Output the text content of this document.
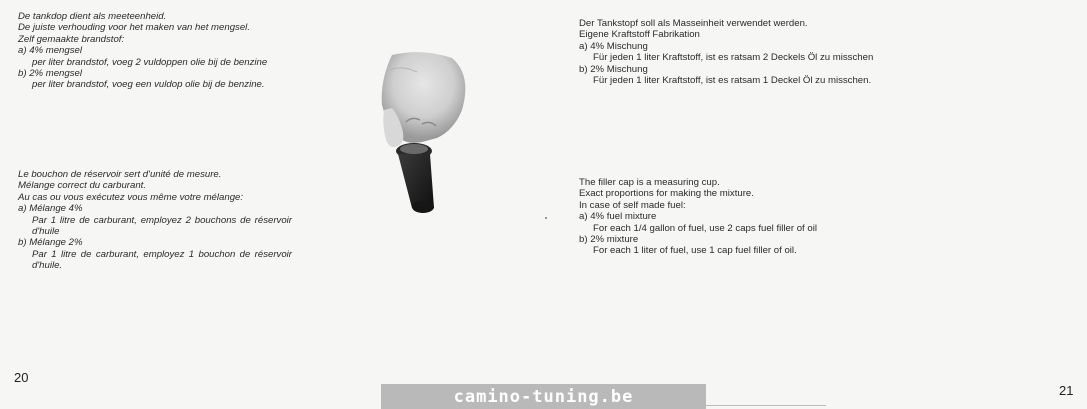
De tankdop dient als meeteenheid.
De juiste verhouding voor het maken van het mengsel.
Zelf gemaakte brandstof:
a) 4% mengsel
per liter brandstof, voeg 2 vuldoppen olie bij de benzine
b) 2% mengsel
per liter brandstof, voeg een vuldop olie bij de benzine.
Le bouchon de réservoir sert d'unité de mesure.
Mélange correct du carburant.
Au cas ou vous exécutez vous même votre mélange:
a) Mélange 4%
Par 1 litre de carburant, employez 2 bouchons de réservoir d'huile
b) Mélange 2%
Par 1 litre de carburant, employez 1 bouchon de réservoir d'huile.
Der Tankstopf soll als Masseinheit verwendet werden.
Eigene Kraftstoff Fabrikation
a) 4% Mischung
Für jeden 1 liter Kraftstoff, ist es ratsam 2 Deckels Öl zu misschen
b) 2% Mischung
Für jeden 1 liter Kraftstoff, ist es ratsam 1 Deckel Öl zu misschen.
The filler cap is a measuring cup.
Exact proportions for making the mixture.
In case of self made fuel:
a) 4% fuel mixture
For each 1/4 gallon of fuel, use 2 caps fuel filler of oil
b) 2% mixture
For each 1 liter of fuel, use 1 cap fuel filler of oil.
20
21
camino-tuning.be
